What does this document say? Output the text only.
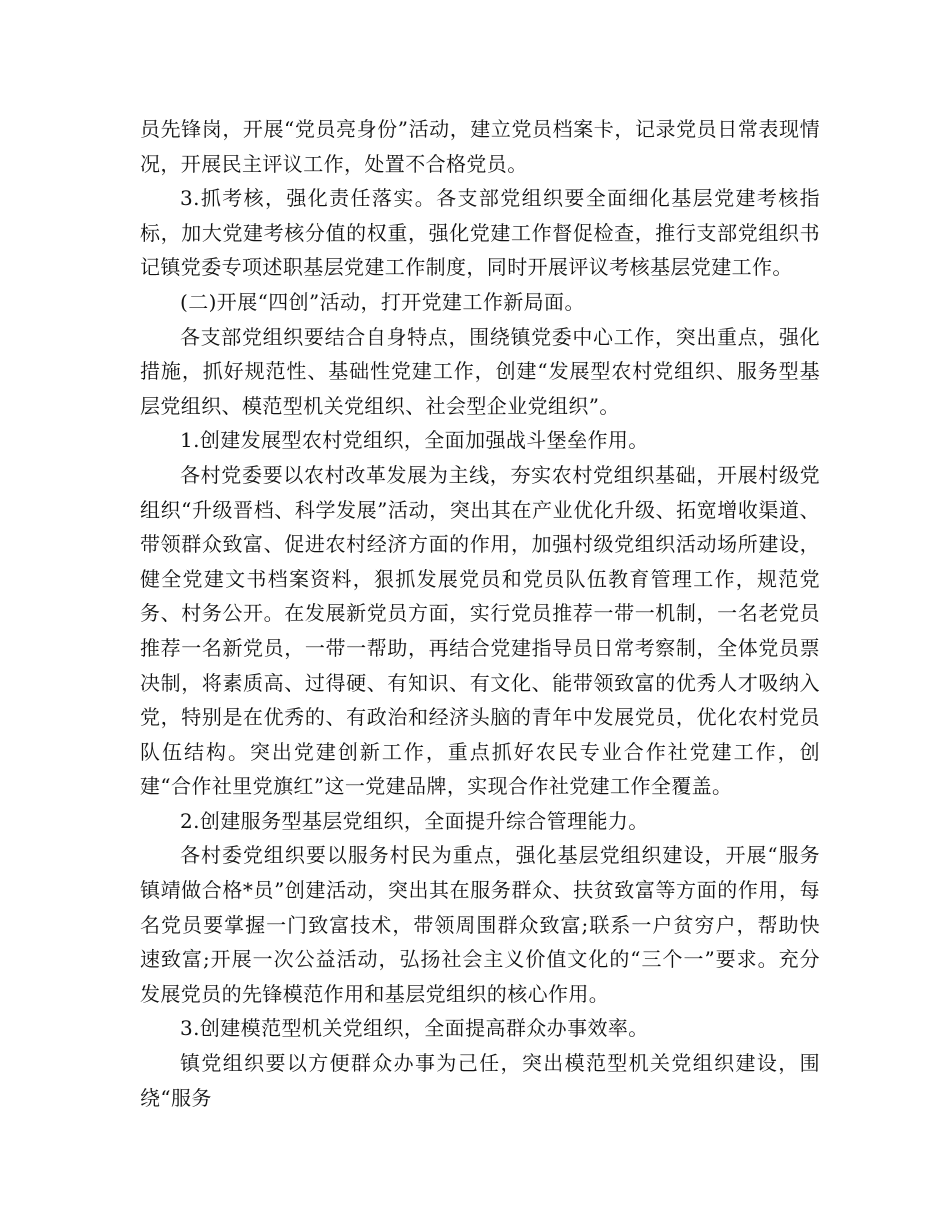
员先锋岗，开展“党员亮身份”活动，建立党员档案卡，记录党员日常表现情况，开展民主评议工作，处置不合格党员。

3.抓考核，强化责任落实。各支部党组织要全面细化基层党建考核指标，加大党建考核分值的权重，强化党建工作督促检查，推行支部党组织书记镇党委专项述职基层党建工作制度，同时开展评议考核基层党建工作。

(二)开展“四创”活动，打开党建工作新局面。

各支部党组织要结合自身特点，围绕镇党委中心工作，突出重点，强化措施，抓好规范性、基础性党建工作，创建“发展型农村党组织、服务型基层党组织、模范型机关党组织、社会型企业党组织”。

1.创建发展型农村党组织，全面加强战斗堡垒作用。

各村党委要以农村改革发展为主线，夯实农村党组织基础，开展村级党组织“升级晋档、科学发展”活动，突出其在产业优化升级、拓宽增收渠道、带领群众致富、促进农村经济方面的作用，加强村级党组织活动场所建设，健全党建文书档案资料，狠抓发展党员和党员队伍教育管理工作，规范党务、村务公开。在发展新党员方面，实行党员推荐一带一机制，一名老党员推荐一名新党员，一带一帮助，再结合党建指导员日常考察制，全体党员票决制，将素质高、过得硬、有知识、有文化、能带领致富的优秀人才吸纳入党，特别是在优秀的、有政治和经济头脑的青年中发展党员，优化农村党员队伍结构。突出党建创新工作，重点抓好农民专业合作社党建工作，创建“合作社里党旗红”这一党建品牌，实现合作社党建工作全覆盖。

2.创建服务型基层党组织，全面提升综合管理能力。

各村委党组织要以服务村民为重点，强化基层党组织建设，开展“服务镇靖做合格*员”创建活动，突出其在服务群众、扶贫致富等方面的作用，每名党员要掌握一门致富技术，带领周围群众致富;联系一户贫穷户，帮助快速致富;开展一次公益活动，弘扬社会主义价值文化的“三个一”要求。充分发展党员的先锋模范作用和基层党组织的核心作用。

3.创建模范型机关党组织，全面提高群众办事效率。

镇党组织要以方便群众办事为己任，突出模范型机关党组织建设，围绕“服务
